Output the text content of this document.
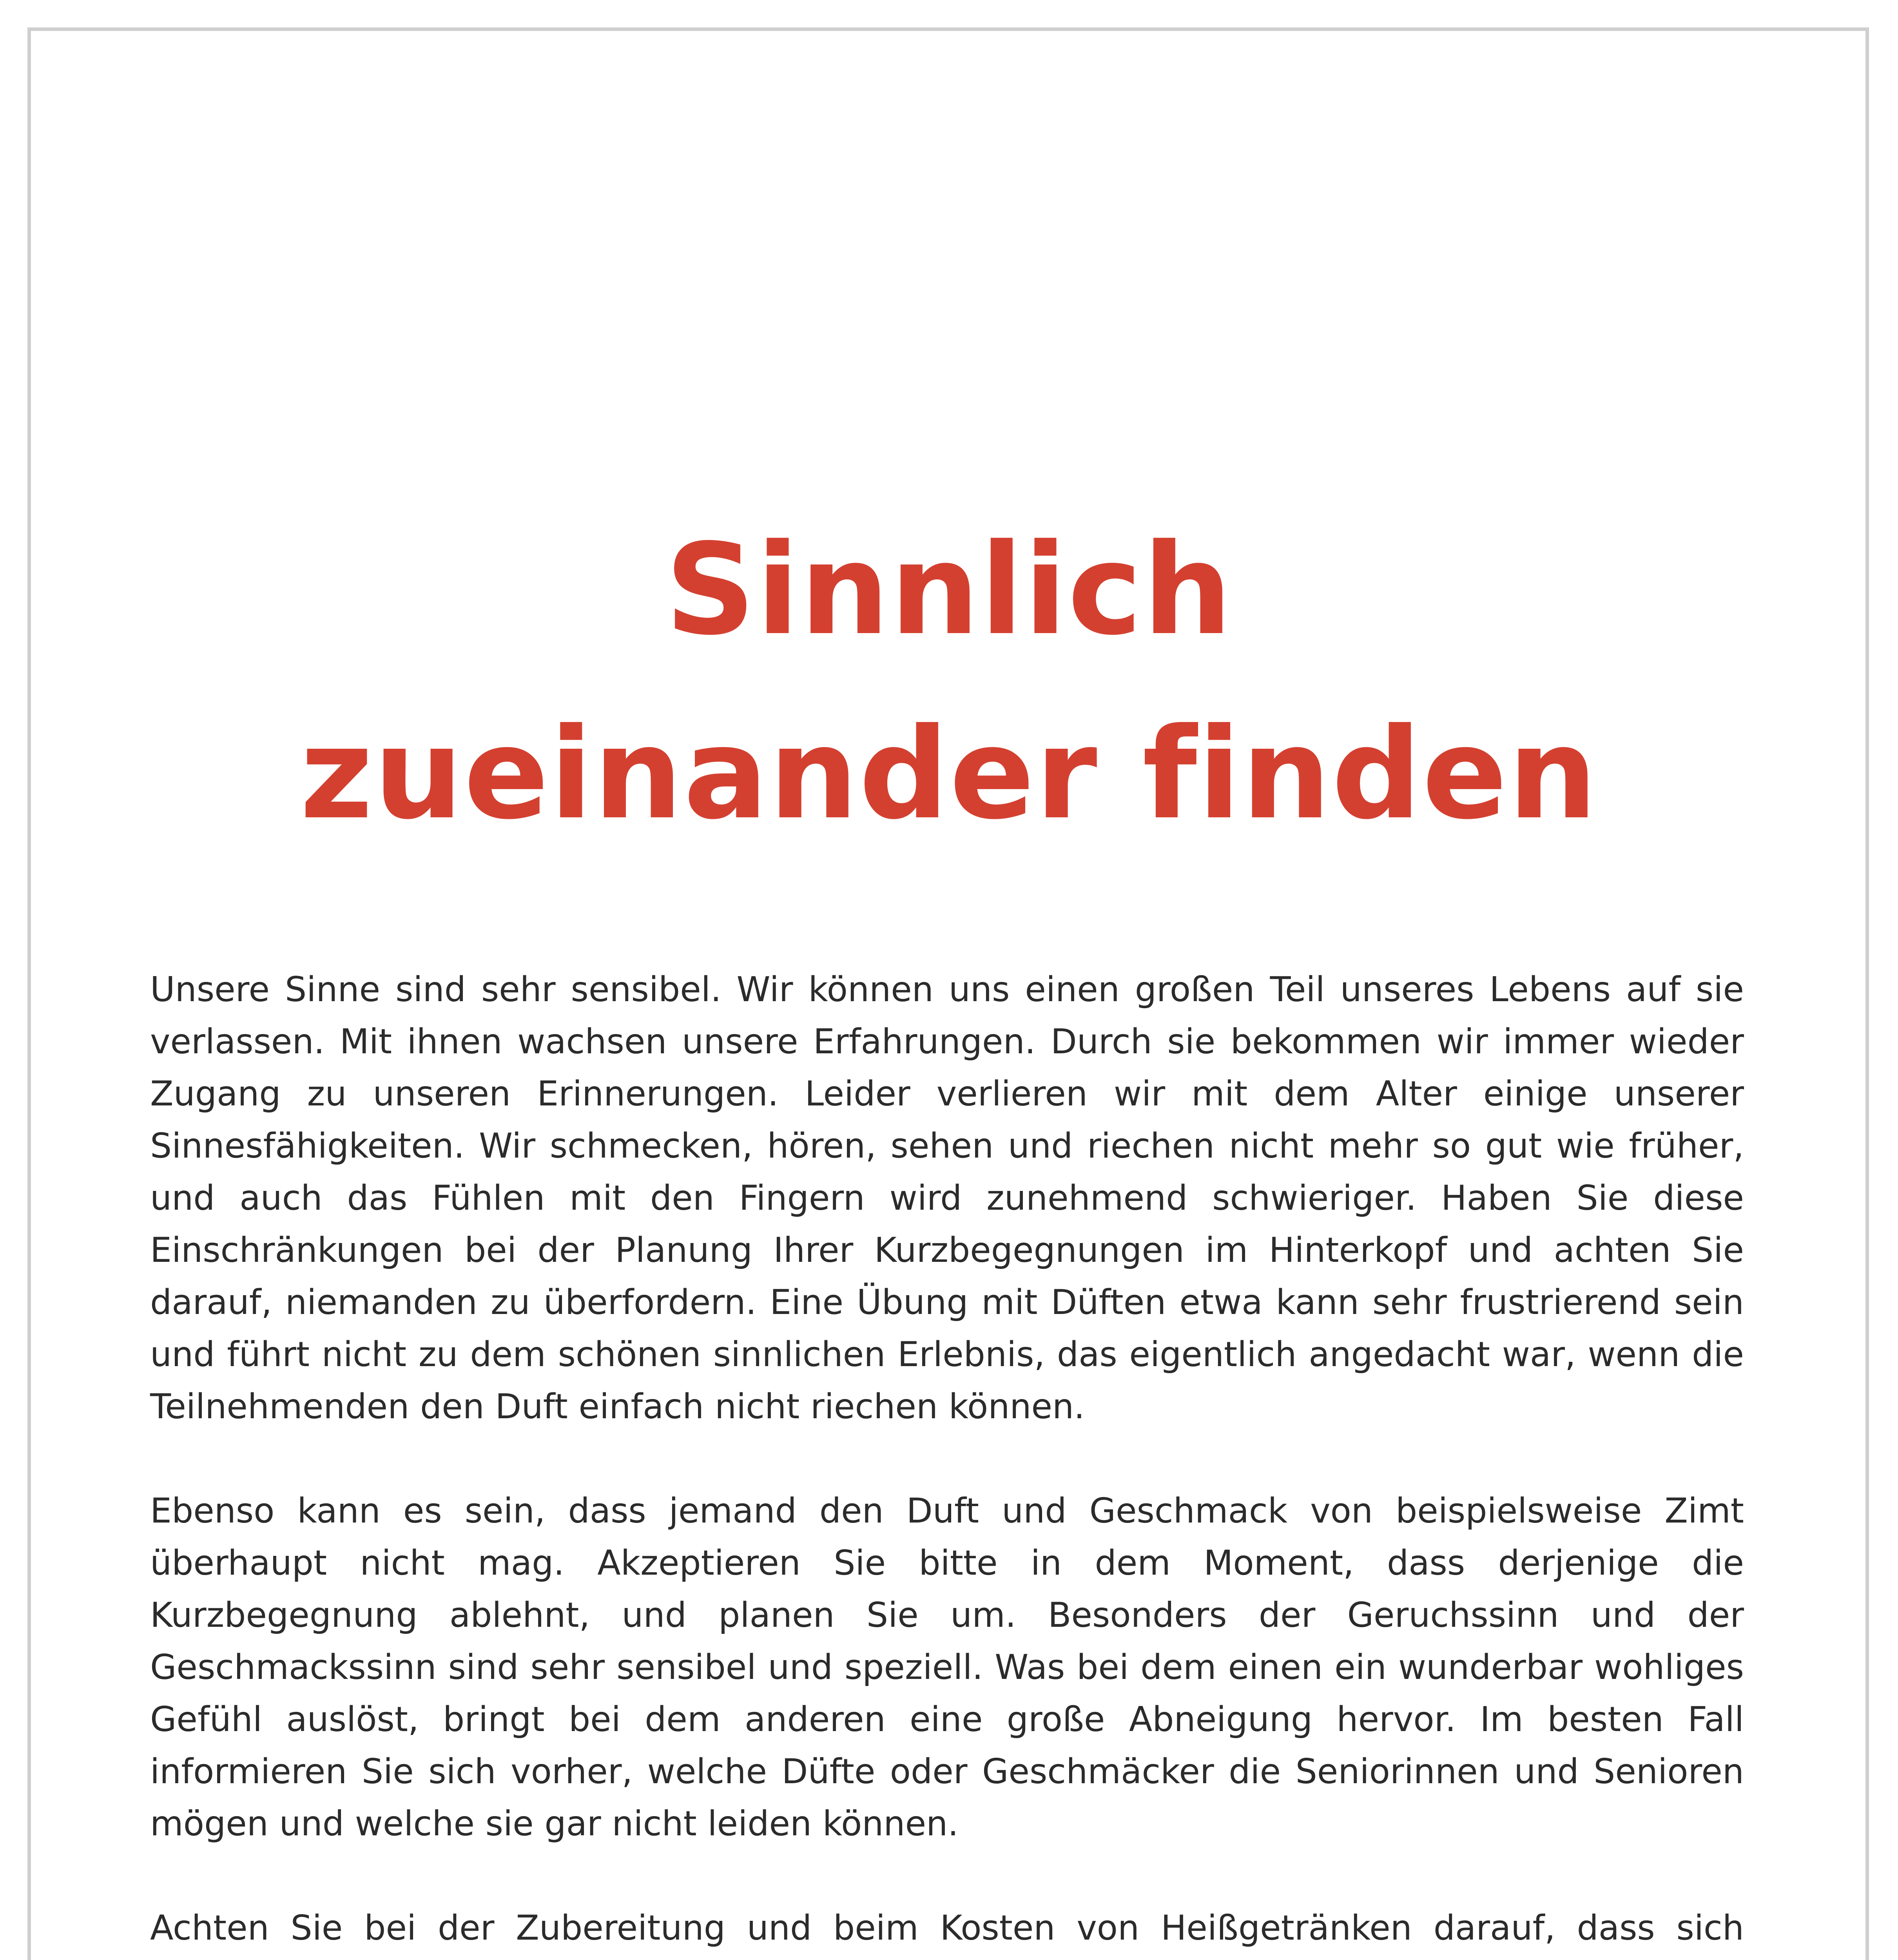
Sinnlich
zueinander finden

Unsere Sinne sind sehr sensibel. Wir können uns einen großen Teil unseres Lebens auf sie verlassen. Mit ihnen wachsen unsere Erfahrungen. Durch sie bekommen wir immer wieder Zugang zu unseren Erinnerungen. Leider verlieren wir mit dem Alter einige unserer Sinnesfähigkeiten. Wir schmecken, hören, sehen und riechen nicht mehr so gut wie früher, und auch das Fühlen mit den Fingern wird zunehmend schwieriger. Haben Sie diese Einschränkungen bei der Planung Ihrer Kurzbegegnungen im Hinterkopf und achten Sie darauf, niemanden zu überfordern. Eine Übung mit Düften etwa kann sehr frustrierend sein und führt nicht zu dem schönen sinnlichen Erlebnis, das eigentlich angedacht war, wenn die Teilnehmenden den Duft einfach nicht riechen können.

Ebenso kann es sein, dass jemand den Duft und Geschmack von beispielsweise Zimt überhaupt nicht mag. Akzeptieren Sie bitte in dem Moment, dass derjenige die Kurzbegegnung ablehnt, und planen Sie um. Besonders der Geruchssinn und der Geschmackssinn sind sehr sensibel und speziell. Was bei dem einen ein wunderbar wohliges Gefühl auslöst, bringt bei dem anderen eine große Abneigung hervor. Im besten Fall informieren Sie sich vorher, welche Düfte oder Geschmäcker die Seniorinnen und Senioren mögen und welche sie gar nicht leiden können.

Achten Sie bei der Zubereitung und beim Kosten von Heißgetränken darauf, dass sich
